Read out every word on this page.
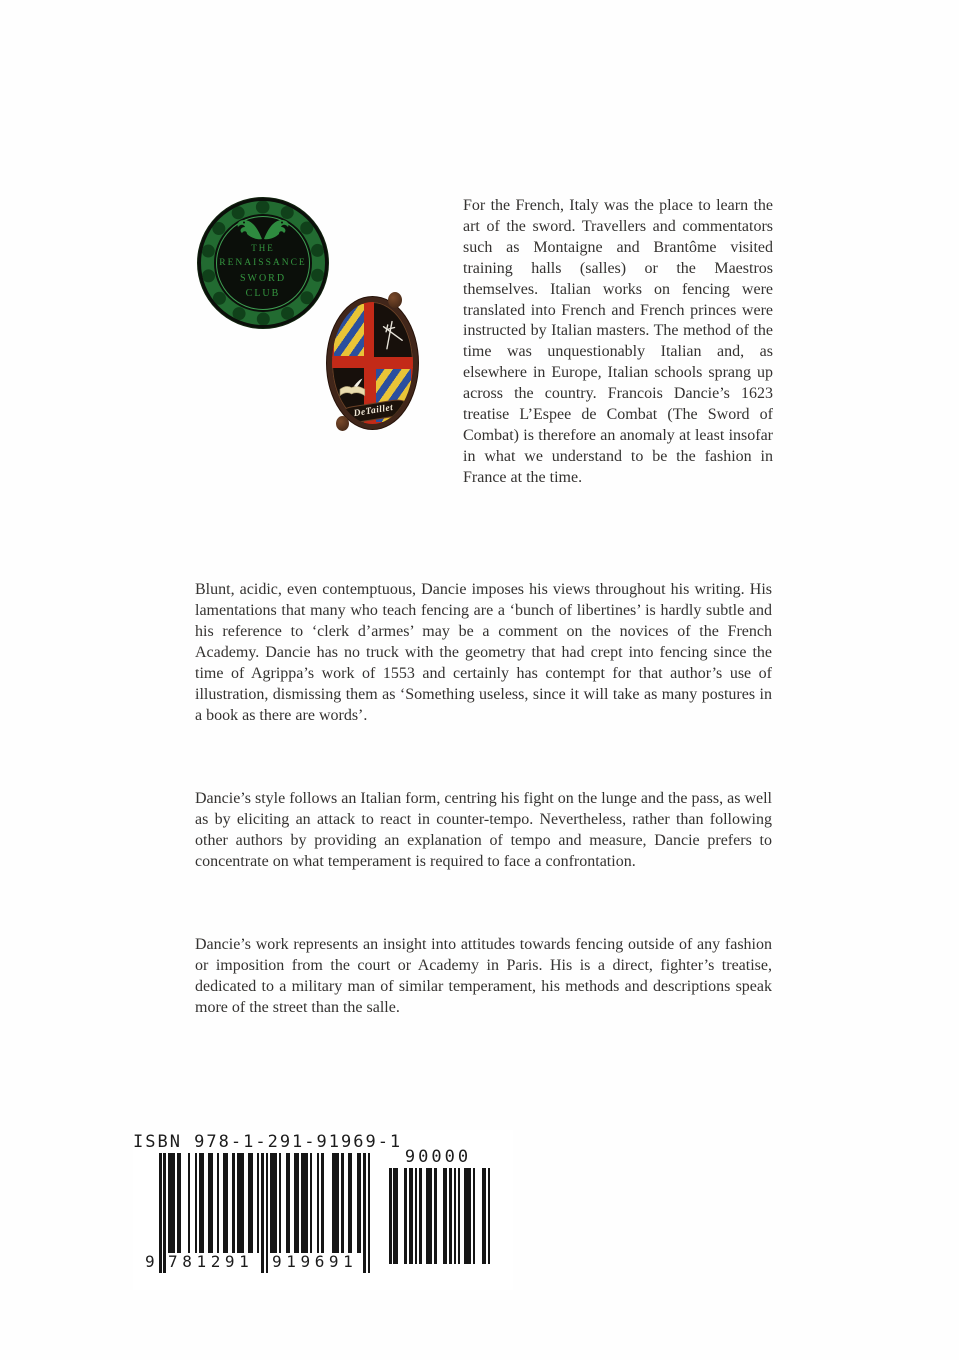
THE
RENAISSANCE
SWORD
CLUB
DeTaillet
For the French, Italy was the place to learn the art of the sword. Travellers and commentators such as Montaigne and Brantôme visited training halls (salles) or the Maestros themselves. Italian works on fencing were translated into French and French princes were instructed by Italian masters. The method of the time was unquestionably Italian and, as elsewhere in Europe, Italian schools sprang up across the country. Francois Dancie’s 1623 treatise L’Espee de Combat (The Sword of Combat) is therefore an anomaly at least insofar in what we understand to be the fashion in France at the time.
Blunt, acidic, even contemptuous, Dancie imposes his views throughout his writing. His lamentations that many who teach fencing are a ‘bunch of libertines’ is hardly subtle and his reference to ‘clerk d’armes’ may be a comment on the novices of the French Academy. Dancie has no truck with the geometry that had crept into fencing since the time of Agrippa’s work of 1553 and certainly has contempt for that author’s use of illustration, dismissing them as ‘Something useless, since it will take as many postures in a book as there are words’.
Dancie’s style follows an Italian form, centring his fight on the lunge and the pass, as well as by eliciting an attack to react in counter-tempo. Nevertheless, rather than following other authors by providing an explanation of tempo and measure, Dancie prefers to concentrate on what temperament is required to face a confrontation.
Dancie’s work represents an insight into attitudes towards fencing outside of any fashion or imposition from the court or Academy in Paris. His is a direct, fighter’s treatise, dedicated to a military man of similar temperament, his methods and descriptions speak more of the street than the salle.
ISBN 978-1-291-91969-1
9 781291	919691
90000
